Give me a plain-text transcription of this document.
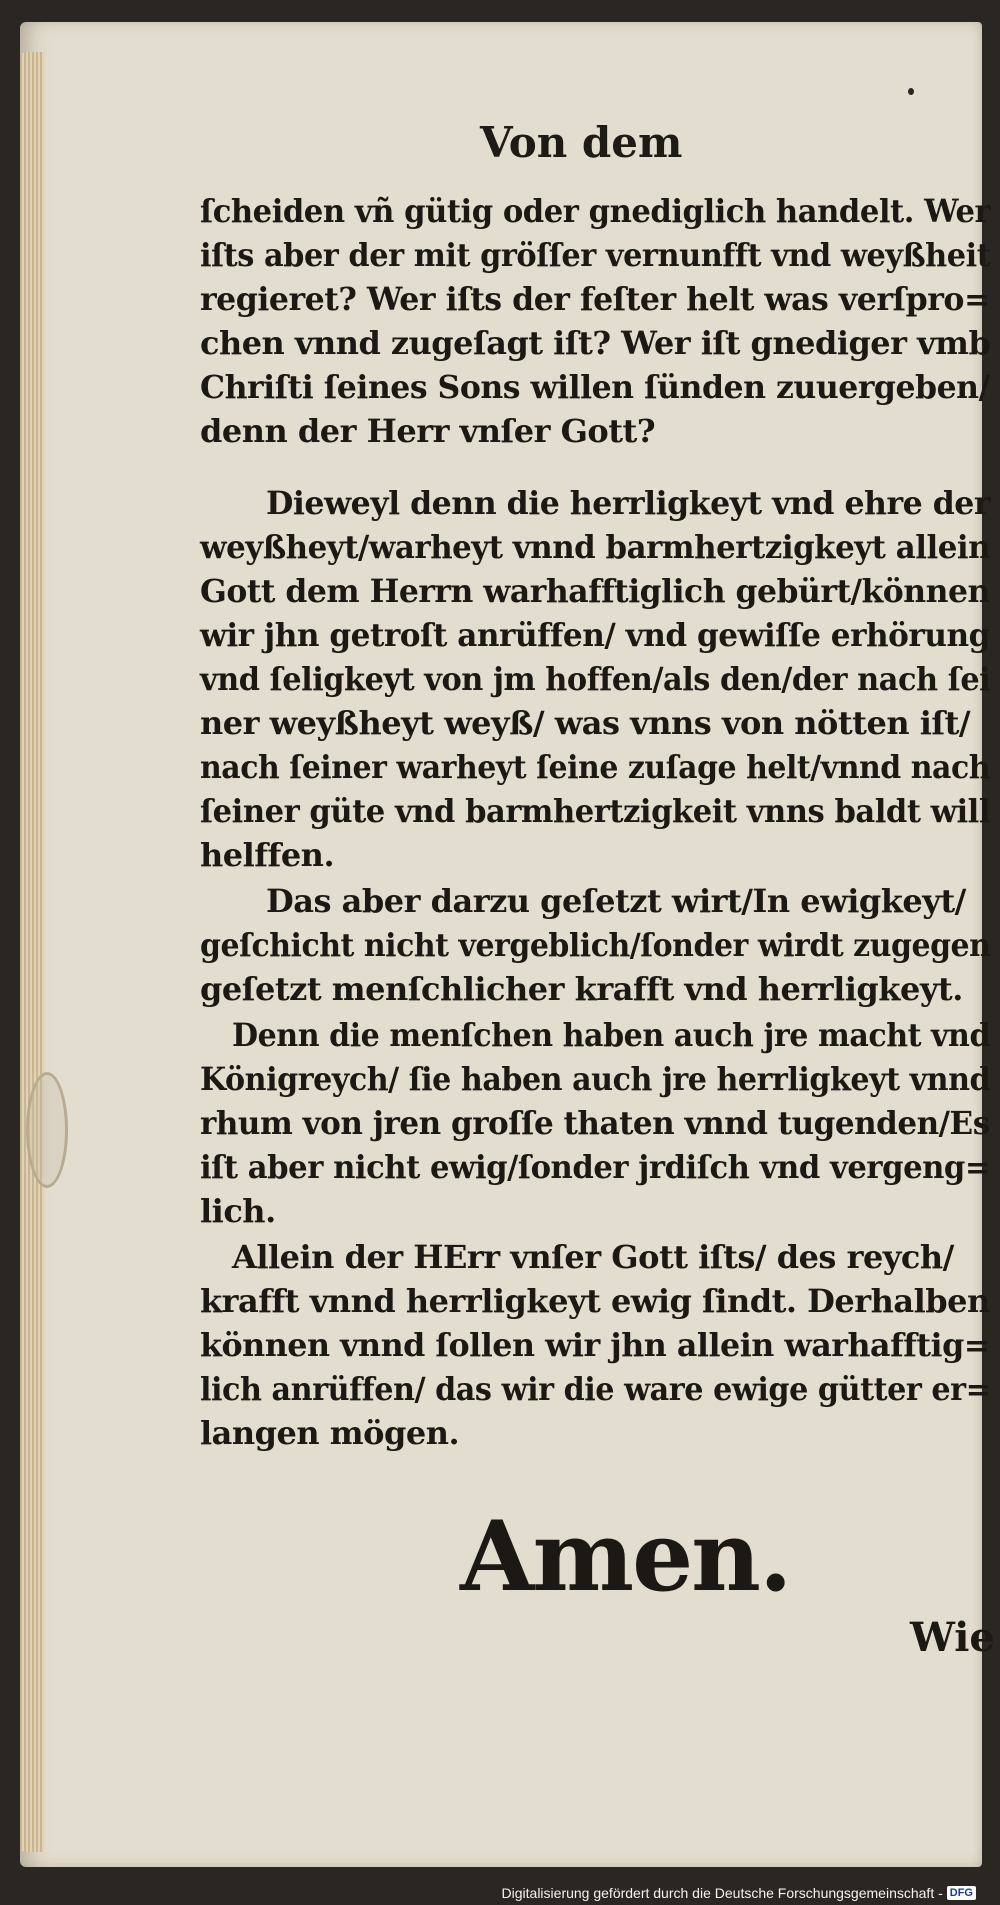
Von dem
ſcheiden vñ gütig oder gnediglich handelt. Wer
iſts aber der mit gröſſer vernunfft vnd weyßheit
regieret? Wer iſts der feſter helt was verſpro=
chen vnnd zugeſagt iſt? Wer iſt gnediger vmb
Chriſti ſeines Sons willen ſünden zuuergeben/
denn der Herr vnſer Gott?
Dieweyl denn die herrligkeyt vnd ehre der
weyßheyt/warheyt vnnd barmhertzigkeyt allein
Gott dem Herrn warhafftiglich gebürt/können
wir jhn getroſt anrüffen/ vnd gewiſſe erhörung
vnd ſeligkeyt von jm hoffen/als den/der nach ſei
ner weyßheyt weyß/ was vnns von nötten iſt/
nach ſeiner warheyt ſeine zuſage helt/vnnd nach
ſeiner güte vnd barmhertzigkeit vnns baldt will
helffen.
Das aber darzu geſetzt wirt/In ewigkeyt/
geſchicht nicht vergeblich/ſonder wirdt zugegen
geſetzt menſchlicher krafft vnd herrligkeyt.
Denn die menſchen haben auch jre macht vnd
Königreych/ ſie haben auch jre herrligkeyt vnnd
rhum von jren groſſe thaten vnnd tugenden/Es
iſt aber nicht ewig/ſonder jrdiſch vnd vergeng=
lich.
Allein der HErr vnſer Gott iſts/ des reych/
krafft vnnd herrligkeyt ewig ſindt. Derhalben
können vnnd ſollen wir jhn allein warhafftig=
lich anrüffen/ das wir die ware ewige gütter er=
langen mögen.
Amen.
Wie
Digitalisierung gefördert durch die Deutsche Forschungsgemeinschaft - DFG
